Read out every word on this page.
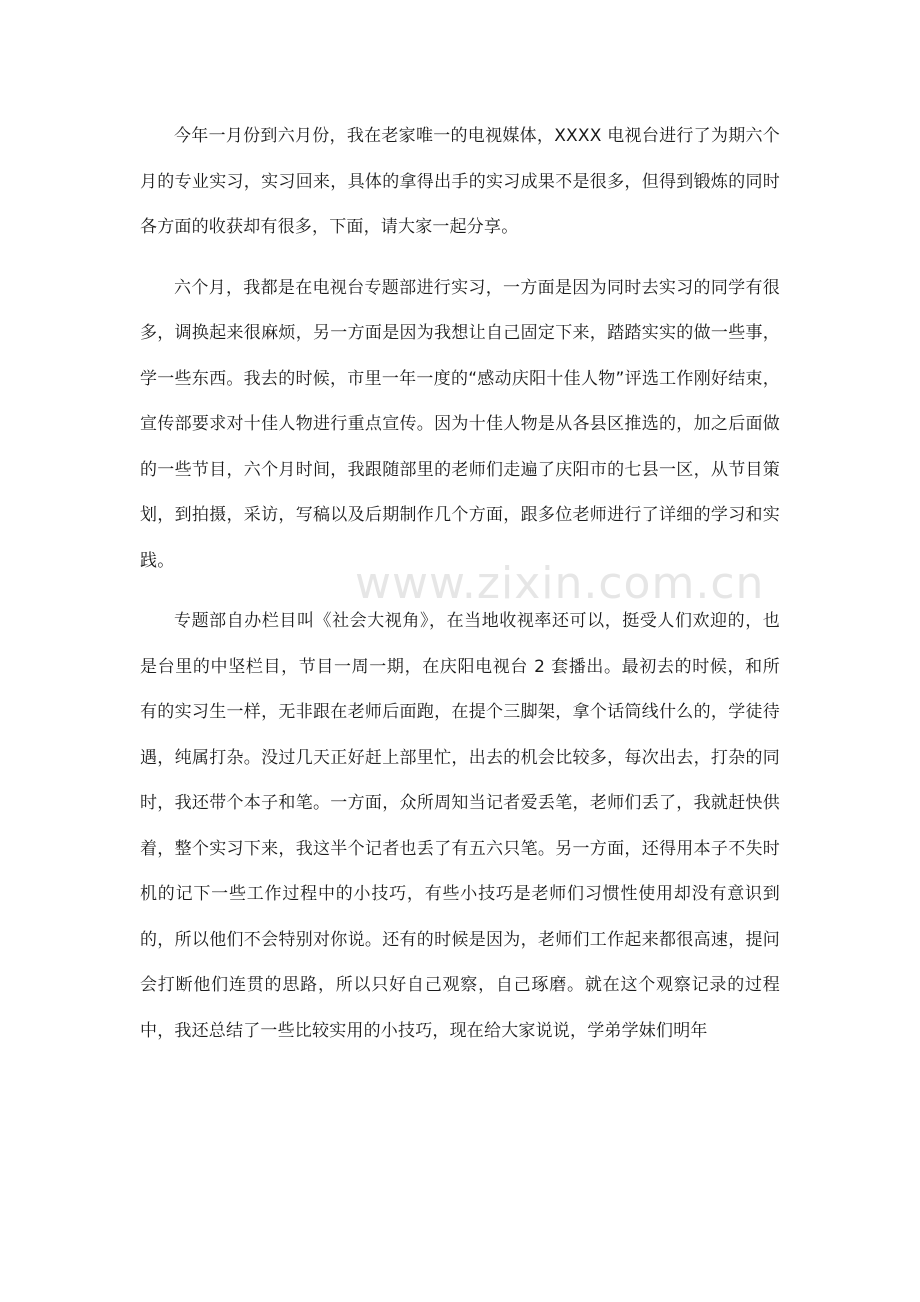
www.zixin.com.cn

今年一月份到六月份，我在老家唯一的电视媒体，XXXX 电视台进行了为期六个月的专业实习，实习回来，具体的拿得出手的实习成果不是很多，但得到锻炼的同时各方面的收获却有很多，下面，请大家一起分享。

六个月，我都是在电视台专题部进行实习，一方面是因为同时去实习的同学有很多，调换起来很麻烦，另一方面是因为我想让自己固定下来，踏踏实实的做一些事，学一些东西。我去的时候，市里一年一度的“感动庆阳十佳人物”评选工作刚好结束，宣传部要求对十佳人物进行重点宣传。因为十佳人物是从各县区推选的，加之后面做的一些节目，六个月时间，我跟随部里的老师们走遍了庆阳市的七县一区，从节目策划，到拍摄，采访，写稿以及后期制作几个方面，跟多位老师进行了详细的学习和实践。

专题部自办栏目叫《社会大视角》，在当地收视率还可以，挺受人们欢迎的，也是台里的中坚栏目，节目一周一期，在庆阳电视台 2 套播出。最初去的时候，和所有的实习生一样，无非跟在老师后面跑，在提个三脚架，拿个话筒线什么的，学徒待遇，纯属打杂。没过几天正好赶上部里忙，出去的机会比较多，每次出去，打杂的同时，我还带个本子和笔。一方面，众所周知当记者爱丢笔，老师们丢了，我就赶快供着，整个实习下来，我这半个记者也丢了有五六只笔。另一方面，还得用本子不失时机的记下一些工作过程中的小技巧，有些小技巧是老师们习惯性使用却没有意识到的，所以他们不会特别对你说。还有的时候是因为，老师们工作起来都很高速，提问会打断他们连贯的思路，所以只好自己观察，自己琢磨。就在这个观察记录的过程中，我还总结了一些比较实用的小技巧，现在给大家说说，学弟学妹们明年
